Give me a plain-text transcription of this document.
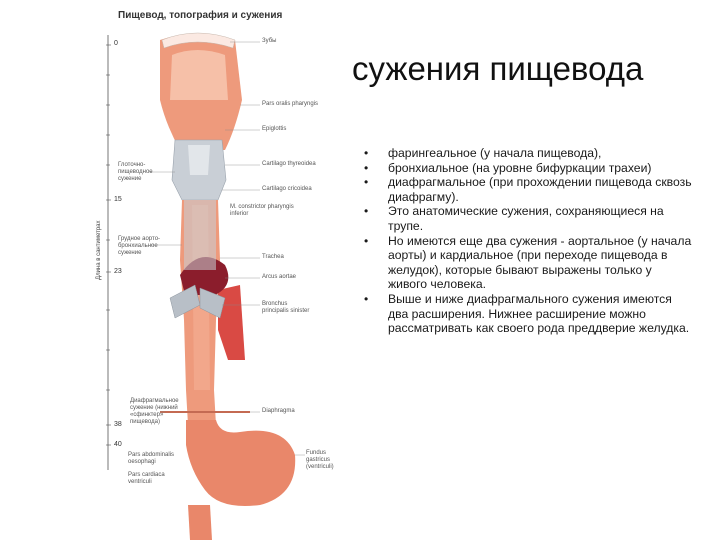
Пищевод, топография и сужения
0
15
23
38
40
Длина в сантиметрах
Зубы
Pars oralis pharyngis
Epiglottis
Cartilago thyreoidea
Cartilago cricoidea
M. constrictor pharyngis inferior
Trachea
Arcus aortae
Bronchus principalis sinister
Diaphragma
Fundus gastricus (ventriculi)
Глоточно-пищеводное сужение
Грудное аорто-бронхиальное сужение
Диафрагмальное сужение (нижний «сфинктер» пищевода)
Pars abdominalis oesophagi
Pars cardiaca ventriculi
сужения пищевода
• фарингеальное (у начала пищевода),
• бронхиальное (на уровне бифуркации трахеи)
• диафрагмальное (при прохождении пищевода сквозь диафрагму).
• Это анатомические сужения, сохраняющиеся на трупе.
• Но имеются еще два сужения - аортальное (у начала аорты) и кардиальное (при переходе пищевода в желудок), которые бывают выражены только у живого человека.
• Выше и ниже диафрагмального сужения имеются два расширения. Нижнее расширение можно рассматривать как своего рода преддверие желудка.
